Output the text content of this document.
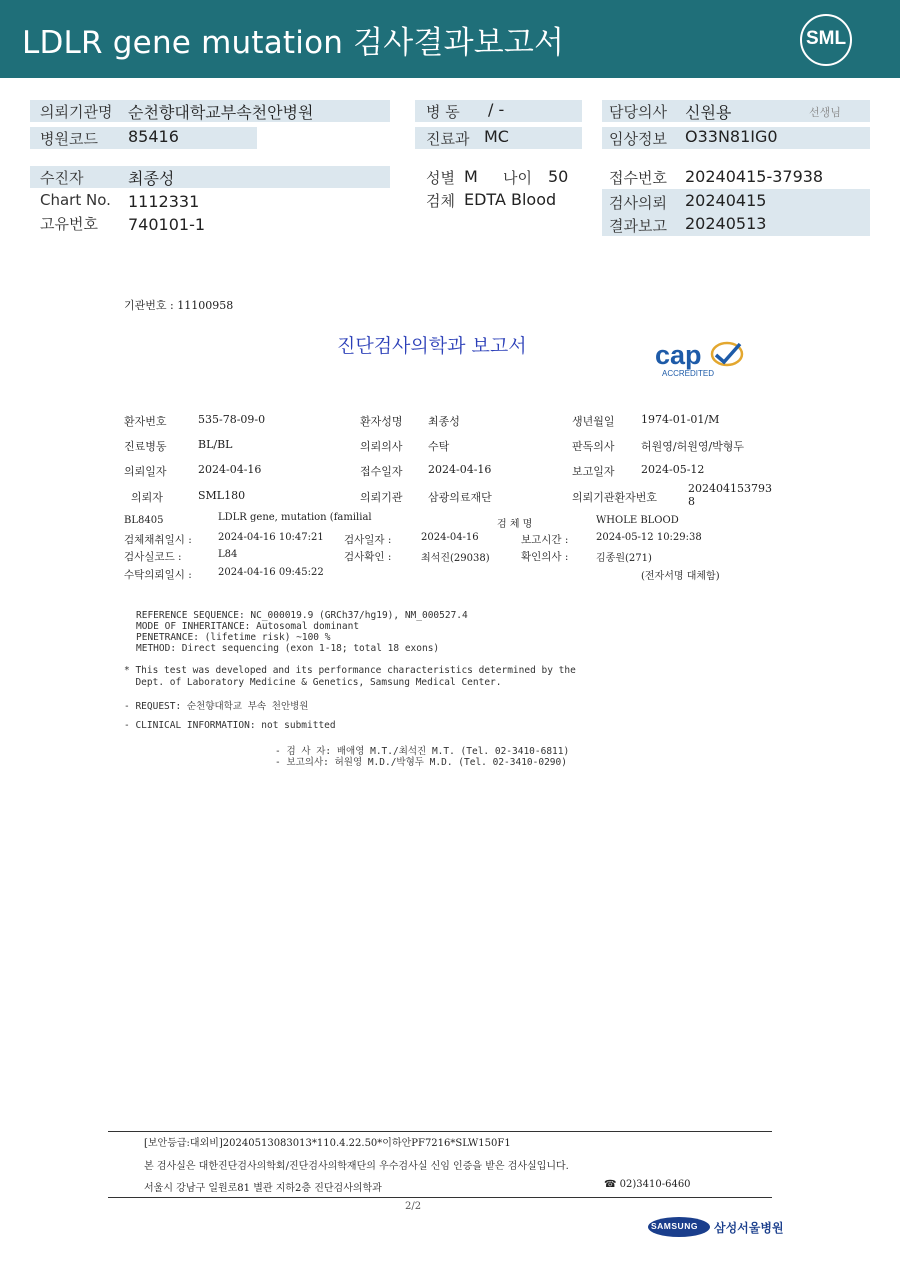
LDLR gene mutation 검사결과보고서	SML
의뢰기관명 순천향대학교부속천안병원
병원코드 85416
병 동 / -
진료과 MC
담당의사 신원용	선생님
임상정보 O33N81IG0
수진자	최종성
Chart No. 1112331
고유번호 740101-1
성별 M 나이 50
검체 EDTA Blood
접수번호 20240415-37938
검사의뢰 20240415
결과보고 20240513
기관번호 : 11100958
진단검사의학과 보고서	cap
ACCREDITED
환자번호	535-78-09-0	환자성명 최종성	생년월일 1974-01-01/M
진료병동	BL/BL	의뢰의사 수탁	판독의사 허원영/허원영/박형두
의뢰일자	2024-04-16	접수일자 2024-04-16	보고일자 2024-05-12
의뢰자	SML180	의뢰기관 삼광의료재단	의뢰기관환자번호
202404153793
8
BL8405	LDLR gene, mutation (familial
검 체 명	WHOLE BLOOD
검체채취일시 :	2024-04-16 10:47:21 검사일자 :	2024-04-16	보고시간 :	2024-05-12 10:29:38
검사실코드 :	L84	검사확인 :	최석진(29038)	확인의사 :	김종원(271)
수탁의뢰일시 :	2024-04-16 09:45:22	(전자서명 대체함)
REFERENCE SEQUENCE: NC_000019.9 (GRCh37/hg19), NM_000527.4
MODE OF INHERITANCE: Autosomal dominant
PENETRANCE: (lifetime risk) ~100 %
METHOD: Direct sequencing (exon 1-18; total 18 exons)
* This test was developed and its performance characteristics determined by the
Dept. of Laboratory Medicine & Genetics, Samsung Medical Center.
- REQUEST: 순천향대학교 부속 천안병원
- CLINICAL INFORMATION: not submitted
- 검 사 자: 배애영 M.T./최석진 M.T. (Tel. 02-3410-6811)
- 보고의사: 허원영 M.D./박형두 M.D. (Tel. 02-3410-0290)
[보안등급:대외비]20240513083013*110.4.22.50*이하안PF7216*SLW150F1
본 검사실은 대한진단검사의학회/진단검사의학재단의 우수검사실 신임 인증을 받은 검사실입니다.
서울시 강남구 일원로81 별관 지하2층 진단검사의학과	☎ 02)3410-6460
2/2
SAMSUNG 삼성서울병원
